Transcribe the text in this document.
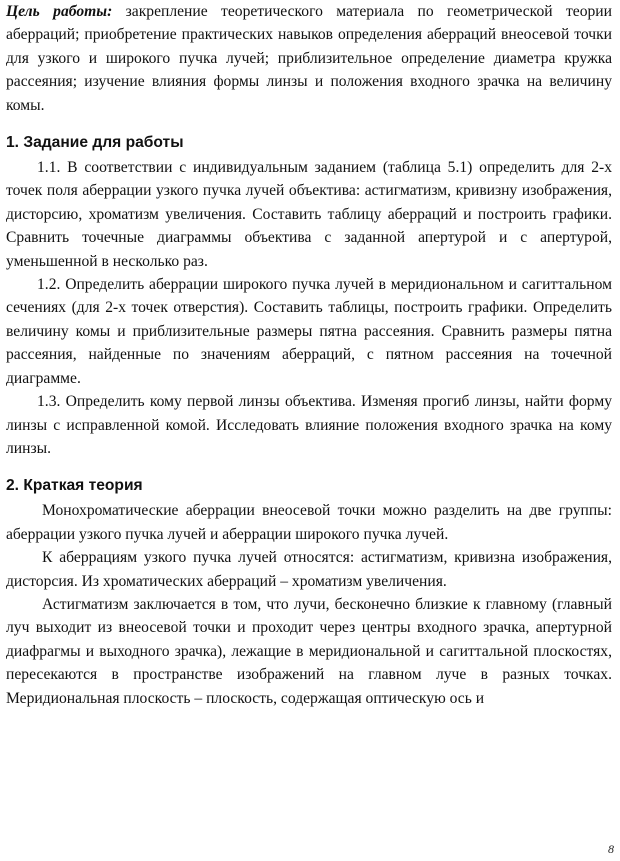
Цель работы: закрепление теоретического материала по геометрической теории аберраций; приобретение практических навыков определения аберраций внеосевой точки для узкого и широкого пучка лучей; приблизительное определение диаметра кружка рассеяния; изучение влияния формы линзы и положения входного зрачка на величину комы.

1. Задание для работы

1.1. В соответствии с индивидуальным заданием (таблица 5.1) определить для 2-х точек поля аберрации узкого пучка лучей объектива: астигматизм, кривизну изображения, дисторсию, хроматизм увеличения. Составить таблицу аберраций и построить графики. Сравнить точечные диаграммы объектива с заданной апертурой и с апертурой, уменьшенной в несколько раз.

1.2. Определить аберрации широкого пучка лучей в меридиональном и сагиттальном сечениях (для 2-х точек отверстия). Составить таблицы, построить графики. Определить величину комы и приблизительные размеры пятна рассеяния. Сравнить размеры пятна рассеяния, найденные по значениям аберраций, с пятном рассеяния на точечной диаграмме.

1.3. Определить кому первой линзы объектива. Изменяя прогиб линзы, найти форму линзы с исправленной комой. Исследовать влияние положения входного зрачка на кому линзы.

2. Краткая теория

Монохроматические аберрации внеосевой точки можно разделить на две группы: аберрации узкого пучка лучей и аберрации широкого пучка лучей.

К аберрациям узкого пучка лучей относятся: астигматизм, кривизна изображения, дисторсия. Из хроматических аберраций – хроматизм увеличения.

Астигматизм заключается в том, что лучи, бесконечно близкие к главному (главный луч выходит из внеосевой точки и проходит через центры входного зрачка, апертурной диафрагмы и выходного зрачка), лежащие в меридиональной и сагиттальной плоскостях, пересекаются в пространстве изображений на главном луче в разных точках. Меридиональная плоскость – плоскость, содержащая оптическую ось и

8
